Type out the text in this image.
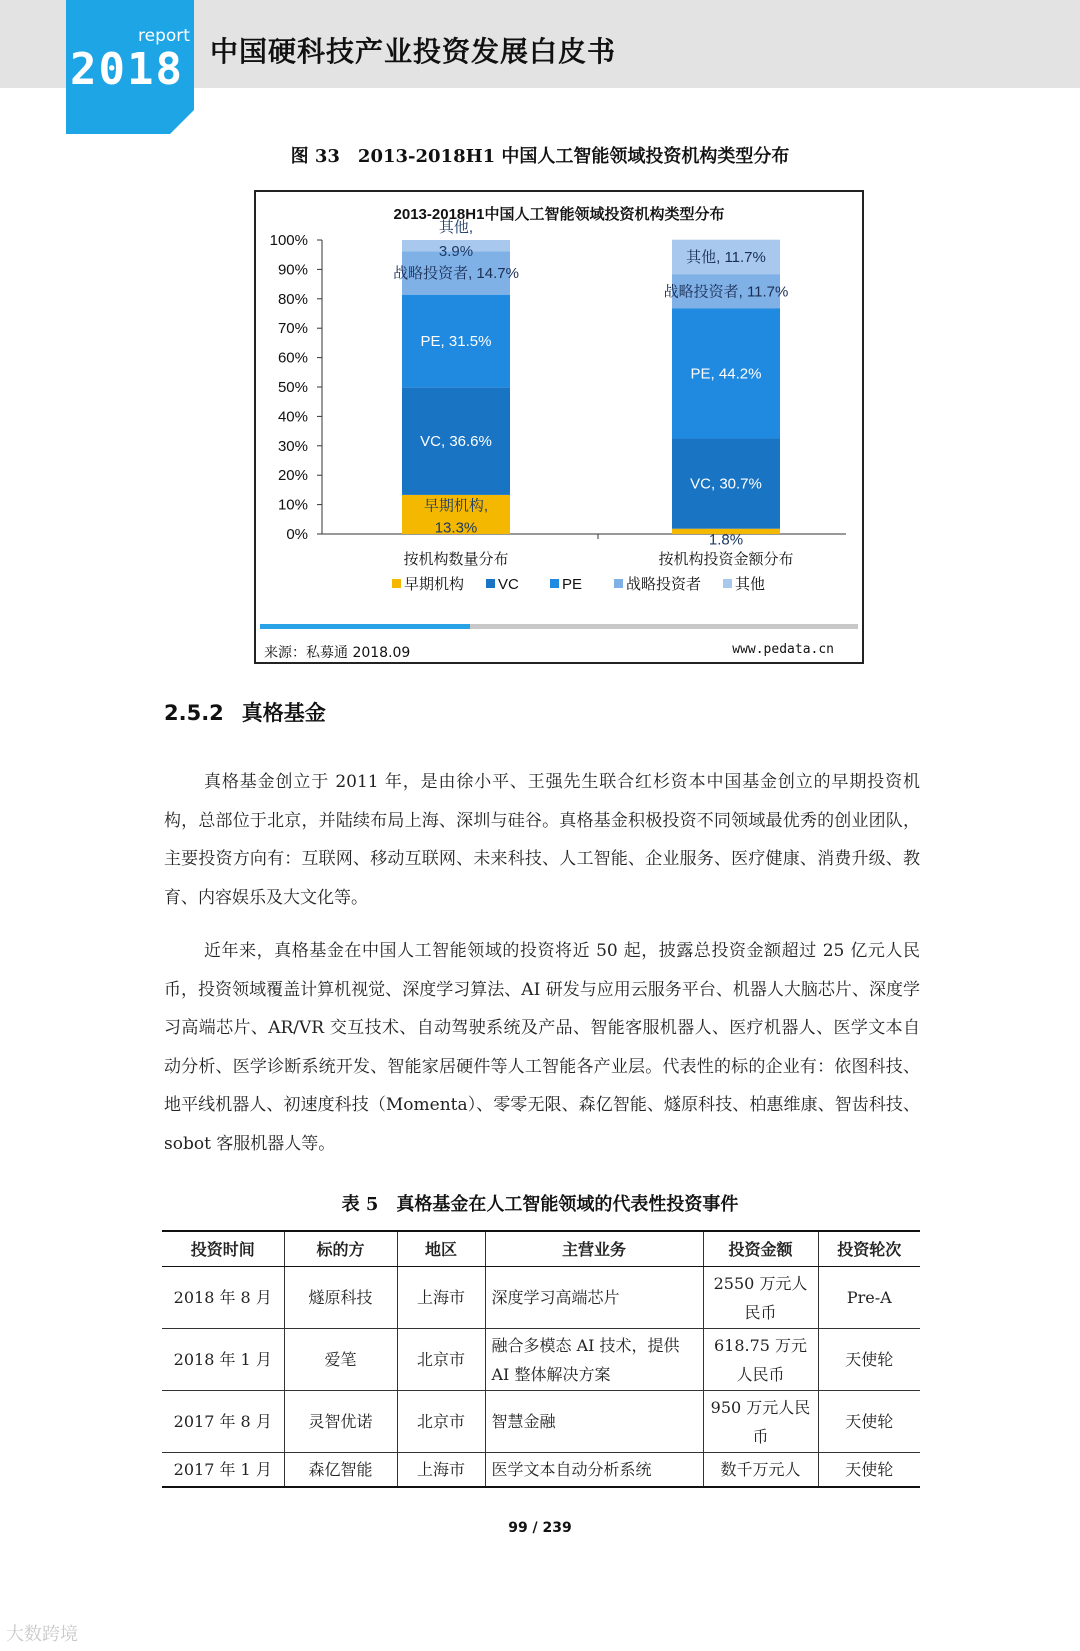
report
2018 中国硬科技产业投资发展白皮书
图 33　2013-2018H1 中国人工智能领域投资机构类型分布
2013-2018H1中国人工智能领域投资机构类型分布
0%
10%
20%
30%
40%
50%
60%
70%
80%
90%
100%
早期机构,
13.3%
VC, 36.6%
PE, 31.5%
战略投资者, 14.7%
其他,
3.9%
按机构数量分布
1.8%
VC, 30.7%
PE, 44.2%
战略投资者, 11.7%
其他, 11.7%
按机构投资金额分布
早期机构 VC	PE	战略投资者 其他
来源：私募通 2018.09	www.pedata.cn
2.5.2 真格基金

真格基金创立于 2011 年，是由徐小平、王强先生联合红杉资本中国基金创立的早期投资机构，总部位于北京，并陆续布局上海、深圳与硅谷。真格基金积极投资不同领域最优秀的创业团队，主要投资方向有：互联网、移动互联网、未来科技、人工智能、企业服务、医疗健康、消费升级、教育、内容娱乐及大文化等。

近年来，真格基金在中国人工智能领域的投资将近 50 起，披露总投资金额超过 25 亿元人民币，投资领域覆盖计算机视觉、深度学习算法、AI 研发与应用云服务平台、机器人大脑芯片、深度学习高端芯片、AR/VR 交互技术、自动驾驶系统及产品、智能客服机器人、医疗机器人、医学文本自动分析、医学诊断系统开发、智能家居硬件等人工智能各产业层。代表性的标的企业有：依图科技、地平线机器人、初速度科技（Momenta）、零零无限、森亿智能、燧原科技、柏惠维康、智齿科技、sobot 客服机器人等。

表 5　真格基金在人工智能领域的代表性投资事件
投资时间	标的方	地区	主营业务	投资金额	投资轮次
2018 年 8 月	燧原科技	上海市	深度学习高端芯片	2550 万元人民币	Pre-A
2018 年 1 月	爱笔	北京市	融合多模态 AI 技术，提供 AI 整体解决方案	618.75 万元人民币	天使轮
2017 年 8 月	灵智优诺	北京市	智慧金融	950 万元人民币	天使轮
2017 年 1 月	森亿智能	上海市	医学文本自动分析系统	数千万元人	天使轮
99 / 239
大数跨境
